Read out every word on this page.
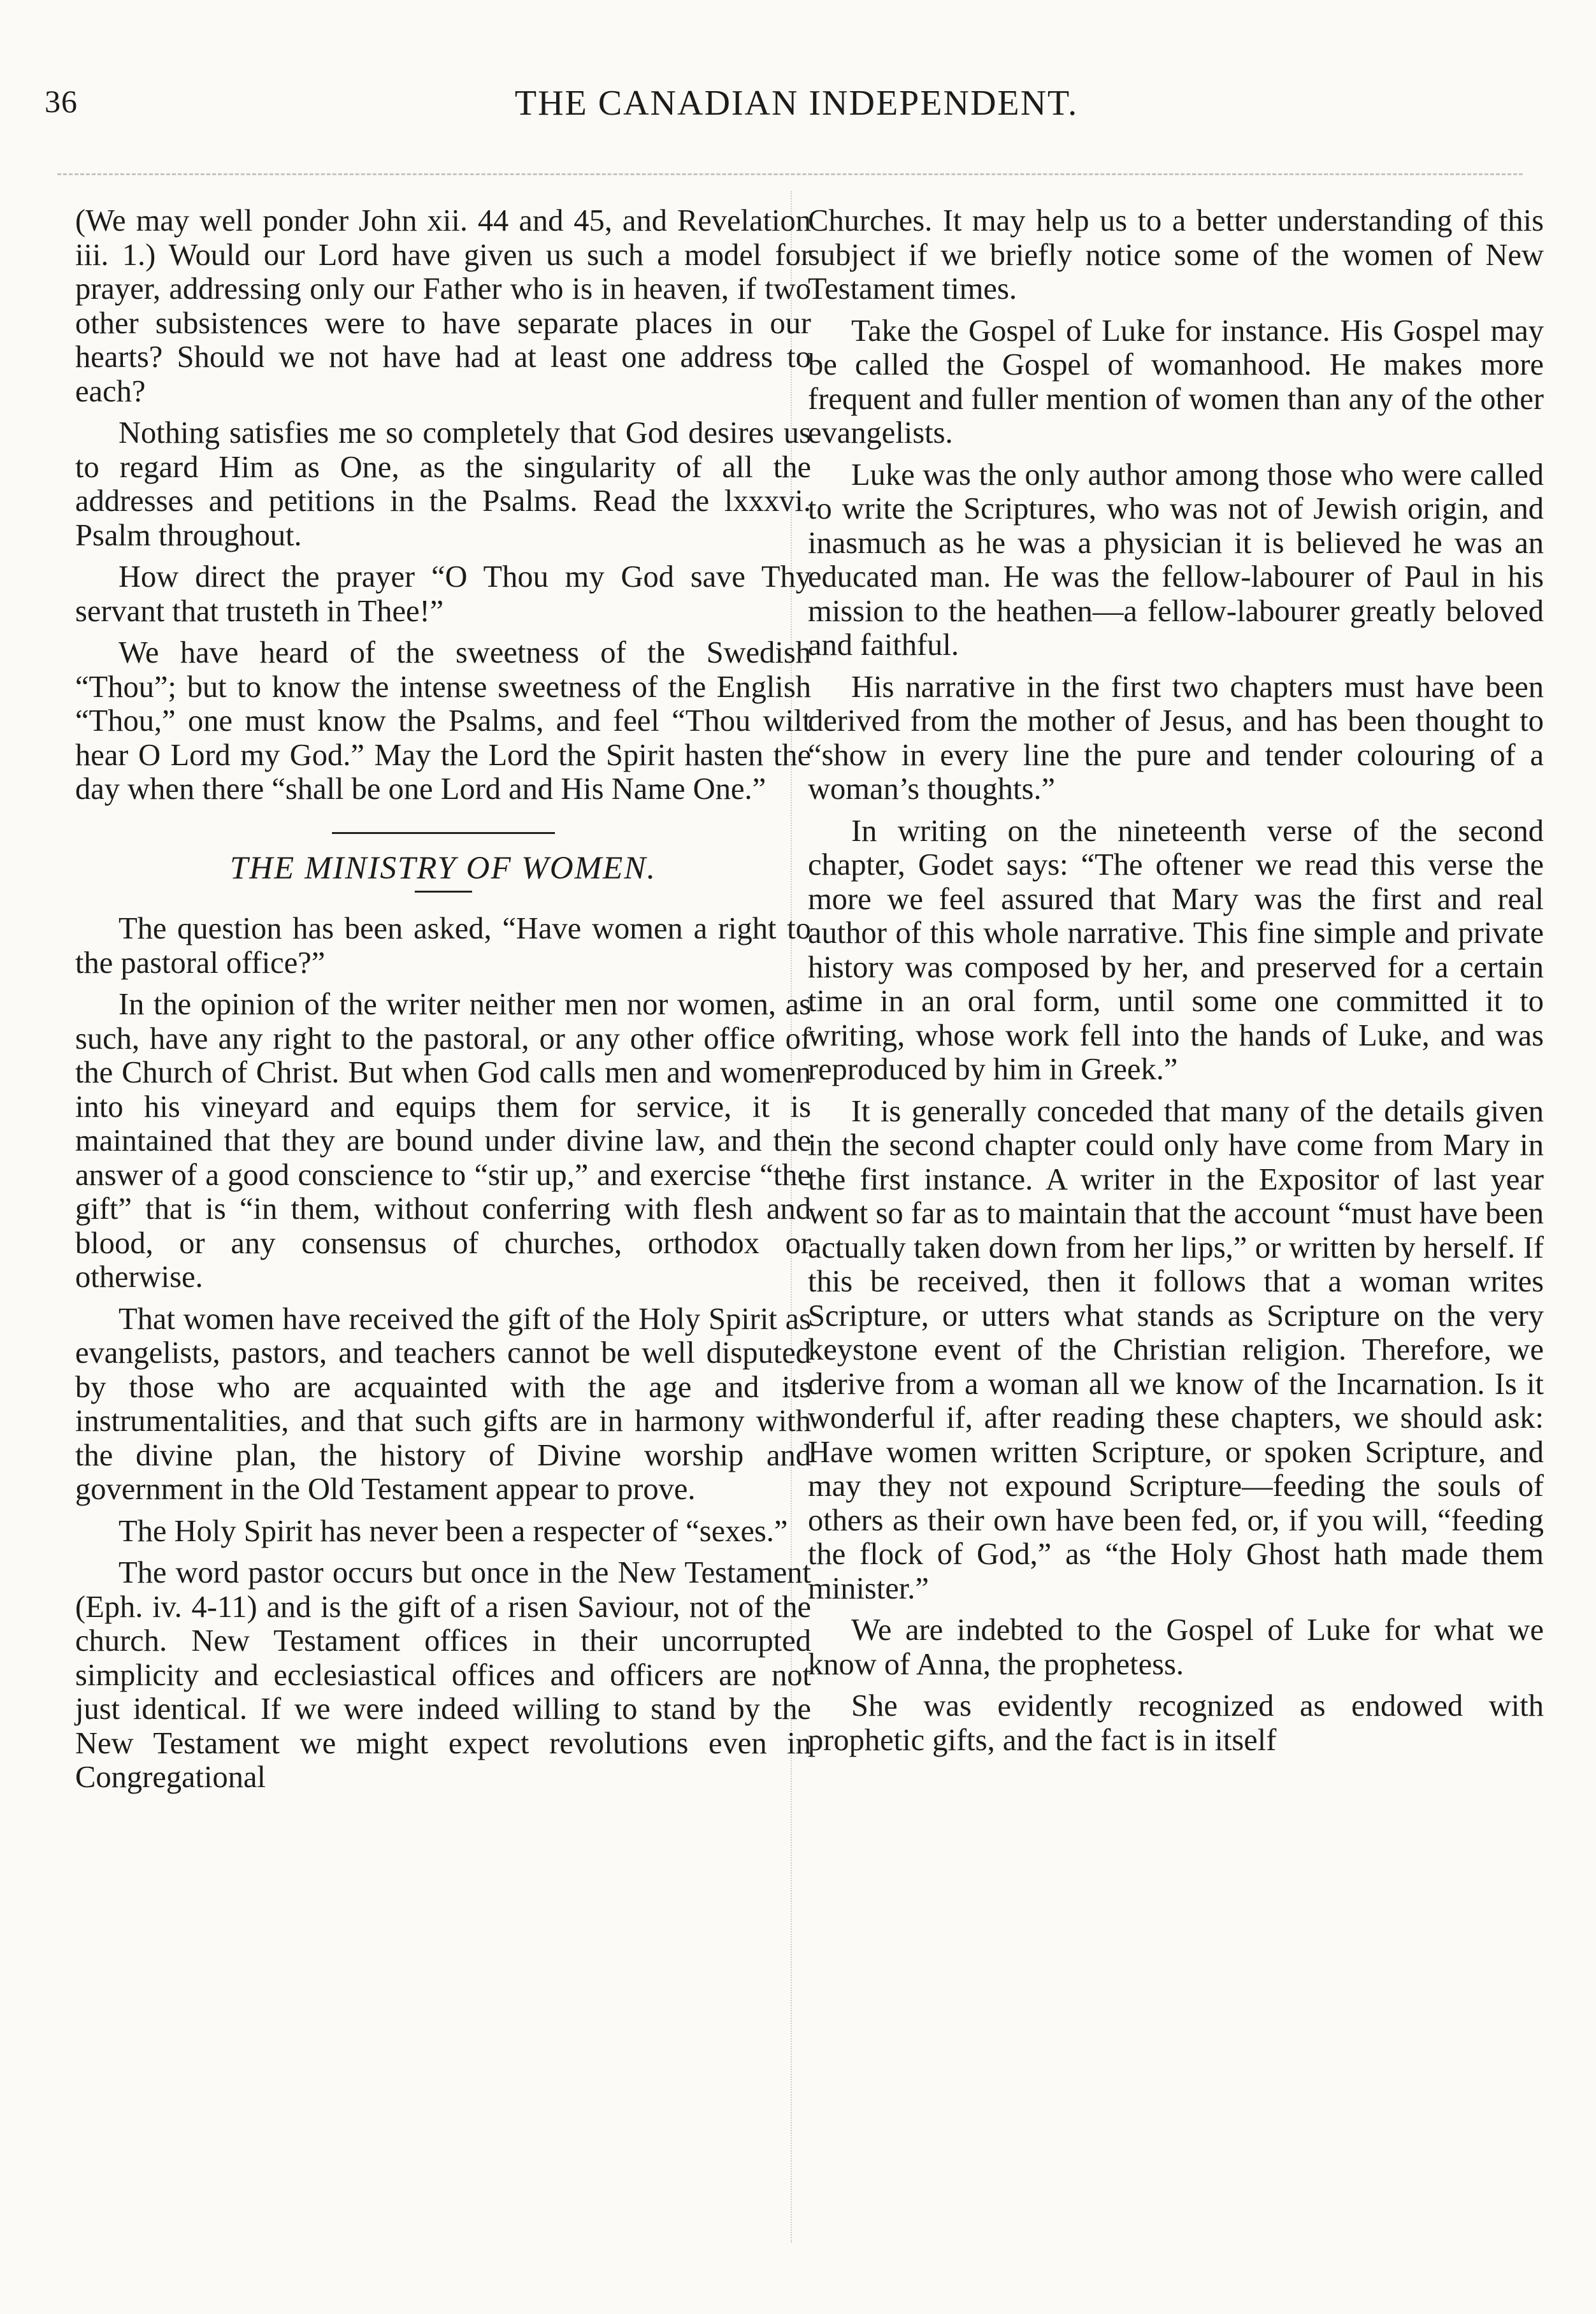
36	THE CANADIAN INDEPENDENT.

(We may well ponder John xii. 44 and 45, and Revelation iii. 1.) Would our Lord have given us such a model for prayer, addressing only our Father who is in heaven, if two other subsistences were to have separate places in our hearts? Should we not have had at least one address to each?

Nothing satisfies me so completely that God desires us to regard Him as One, as the singularity of all the addresses and petitions in the Psalms. Read the lxxxvi. Psalm throughout.

How direct the prayer “O Thou my God save Thy servant that trusteth in Thee!”

We have heard of the sweetness of the Swedish “Thou”; but to know the intense sweetness of the English “Thou,” one must know the Psalms, and feel “Thou wilt hear O Lord my God.” May the Lord the Spirit hasten the day when there “shall be one Lord and His Name One.”

THE MINISTRY OF WOMEN.

The question has been asked, “Have women a right to the pastoral office?”

In the opinion of the writer neither men nor women, as such, have any right to the pastoral, or any other office of the Church of Christ. But when God calls men and women into his vineyard and equips them for service, it is maintained that they are bound under divine law, and the answer of a good conscience to “stir up,” and exercise “the gift” that is “in them, without conferring with flesh and blood, or any consensus of churches, orthodox or otherwise.

That women have received the gift of the Holy Spirit as evangelists, pastors, and teachers cannot be well disputed by those who are acquainted with the age and its instrumentalities, and that such gifts are in harmony with the divine plan, the history of Divine worship and government in the Old Testament appear to prove.

The Holy Spirit has never been a respecter of “sexes.”

The word pastor occurs but once in the New Testament (Eph. iv. 4-11) and is the gift of a risen Saviour, not of the church. New Testament offices in their uncorrupted simplicity and ecclesiastical offices and officers are not just identical. If we were indeed willing to stand by the New Testament we might expect revolutions even in Congregational

Churches. It may help us to a better understanding of this subject if we briefly notice some of the women of New Testament times.

Take the Gospel of Luke for instance. His Gospel may be called the Gospel of womanhood. He makes more frequent and fuller mention of women than any of the other evangelists.

Luke was the only author among those who were called to write the Scriptures, who was not of Jewish origin, and inasmuch as he was a physician it is believed he was an educated man. He was the fellow-labourer of Paul in his mission to the heathen—a fellow-labourer greatly beloved and faithful.

His narrative in the first two chapters must have been derived from the mother of Jesus, and has been thought to “show in every line the pure and tender colouring of a woman’s thoughts.”

In writing on the nineteenth verse of the second chapter, Godet says: “The oftener we read this verse the more we feel assured that Mary was the first and real author of this whole narrative. This fine simple and private history was composed by her, and preserved for a certain time in an oral form, until some one committed it to writing, whose work fell into the hands of Luke, and was reproduced by him in Greek.”

It is generally conceded that many of the details given in the second chapter could only have come from Mary in the first instance. A writer in the Expositor of last year went so far as to maintain that the account “must have been actually taken down from her lips,” or written by herself. If this be received, then it follows that a woman writes Scripture, or utters what stands as Scripture on the very keystone event of the Christian religion. Therefore, we derive from a woman all we know of the Incarnation. Is it wonderful if, after reading these chapters, we should ask: Have women written Scripture, or spoken Scripture, and may they not expound Scripture—feeding the souls of others as their own have been fed, or, if you will, “feeding the flock of God,” as “the Holy Ghost hath made them minister.”

We are indebted to the Gospel of Luke for what we know of Anna, the prophetess.

She was evidently recognized as endowed with prophetic gifts, and the fact is in itself
